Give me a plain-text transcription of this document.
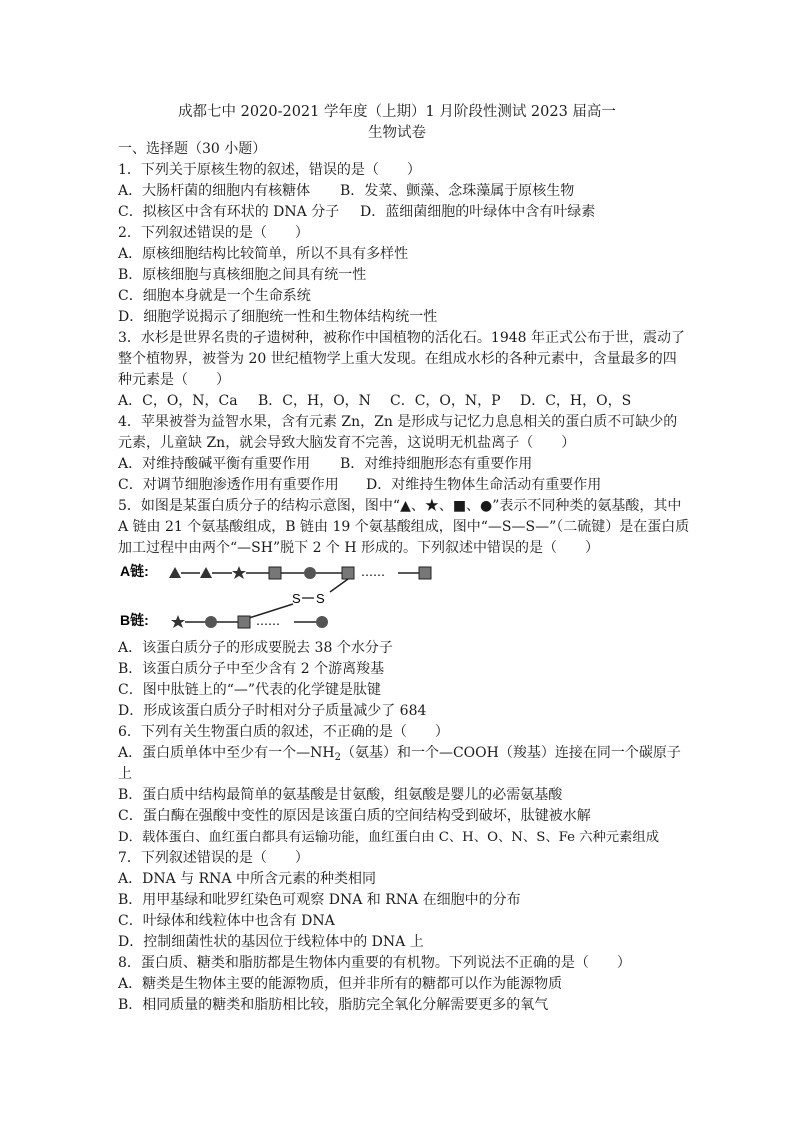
成都七中 2020-2021 学年度（上期）1 月阶段性测试 2023 届高一
生物试卷
一、选择题（30 小题）
1．下列关于原核生物的叙述，错误的是（　　）
A．大肠杆菌的细胞内有核糖体 B．发菜、颤藻、念珠藻属于原核生物
C．拟核区中含有环状的 DNA 分子 D．蓝细菌细胞的叶绿体中含有叶绿素
2．下列叙述错误的是（　　）
A．原核细胞结构比较简单，所以不具有多样性
B．原核细胞与真核细胞之间具有统一性
C．细胞本身就是一个生命系统
D．细胞学说揭示了细胞统一性和生物体结构统一性
3．水杉是世界名贵的孑遗树种，被称作中国植物的活化石。1948 年正式公布于世，震动了
整个植物界，被誉为 20 世纪植物学上重大发现。在组成水杉的各种元素中，含量最多的四
种元素是（　　）
A．C，O，N，Ca B．C，H，O，N C．C，O，N，P D．C，H，O，S
4．苹果被誉为益智水果，含有元素 Zn，Zn 是形成与记忆力息息相关的蛋白质不可缺少的
元素，儿童缺 Zn，就会导致大脑发育不完善，这说明无机盐离子（　　）
A．对维持酸碱平衡有重要作用 B．对维持细胞形态有重要作用
C．对调节细胞渗透作用有重要作用 D．对维持生物体生命活动有重要作用
5．如图是某蛋白质分子的结构示意图，图中“▲、★、■、●”表示不同种类的氨基酸，其中
A 链由 21 个氨基酸组成，B 链由 19 个氨基酸组成，图中“—S—S—”（二硫键）是在蛋白质
加工过程中由两个“—SH”脱下 2 个 H 形成的。下列叙述中错误的是（　　）
A链:	……
S S
B链:	……
A．该蛋白质分子的形成要脱去 38 个水分子
B．该蛋白质分子中至少含有 2 个游离羧基
C．图中肽链上的“—”代表的化学键是肽键
D．形成该蛋白质分子时相对分子质量减少了 684
6．下列有关生物蛋白质的叙述，不正确的是（　　）
A．蛋白质单体中至少有一个$—NH_2$（氨基）和一个—COOH（羧基）连接在同一个碳原子
上
B．蛋白质中结构最简单的氨基酸是甘氨酸，组氨酸是婴儿的必需氨基酸
C．蛋白酶在强酸中变性的原因是该蛋白质的空间结构受到破坏，肽键被水解
D．载体蛋白、血红蛋白都具有运输功能，血红蛋白由 C、H、O、N、S、Fe 六种元素组成
7．下列叙述错误的是（　　）
A．DNA 与 RNA 中所含元素的种类相同
B．用甲基绿和吡罗红染色可观察 DNA 和 RNA 在细胞中的分布
C．叶绿体和线粒体中也含有 DNA
D．控制细菌性状的基因位于线粒体中的 DNA 上
8．蛋白质、糖类和脂肪都是生物体内重要的有机物。下列说法不正确的是（　　）
A．糖类是生物体主要的能源物质，但并非所有的糖都可以作为能源物质
B．相同质量的糖类和脂肪相比较，脂肪完全氧化分解需要更多的氧气
